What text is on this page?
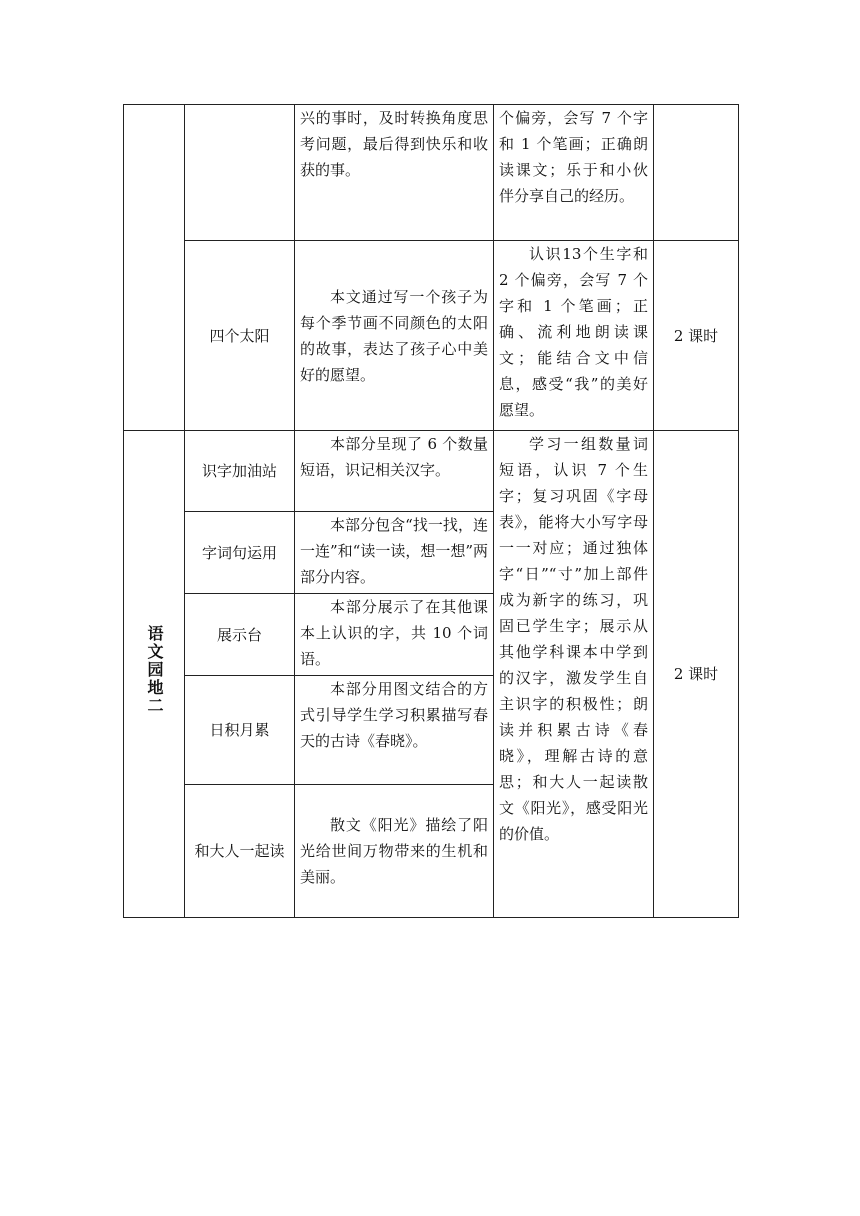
		兴的事时，及时转换角度思考问题，最后得到快乐和收获的事。	个偏旁，会写 7 个字和 1 个笔画；正确朗读课文；乐于和小伙伴分享自己的经历。	

	四个太阳	本文通过写一个孩子为每个季节画不同颜色的太阳的故事，表达了孩子心中美好的愿望。	认识13个生字和 2 个偏旁，会写 7 个字和 1 个笔画；正确、流利地朗读课文；能结合文中信息，感受“我”的美好愿望。	2 课时
语文园地二	识字加油站	本部分呈现了 6 个数量短语，识记相关汉字。	学习一组数量词短语，认识 7 个生字；复习巩固《字母表》，能将大小写字母一一对应；通过独体字“日”“寸”加上部件成为新字的练习，巩固已学生字；展示从其他学科课本中学到的汉字，激发学生自主识字的积极性；朗读并积累古诗《春晓》，理解古诗的意思；和大人一起读散文《阳光》，感受阳光的价值。	2 课时
	字词句运用	本部分包含“找一找，连一连”和“读一读，想一想”两部分内容。		

	展示台	本部分展示了在其他课本上认识的字，共 10 个词语。		

	日积月累	本部分用图文结合的方式引导学生学习积累描写春天的古诗《春晓》。		

	和大人一起读	散文《阳光》描绘了阳光给世间万物带来的生机和美丽。		
